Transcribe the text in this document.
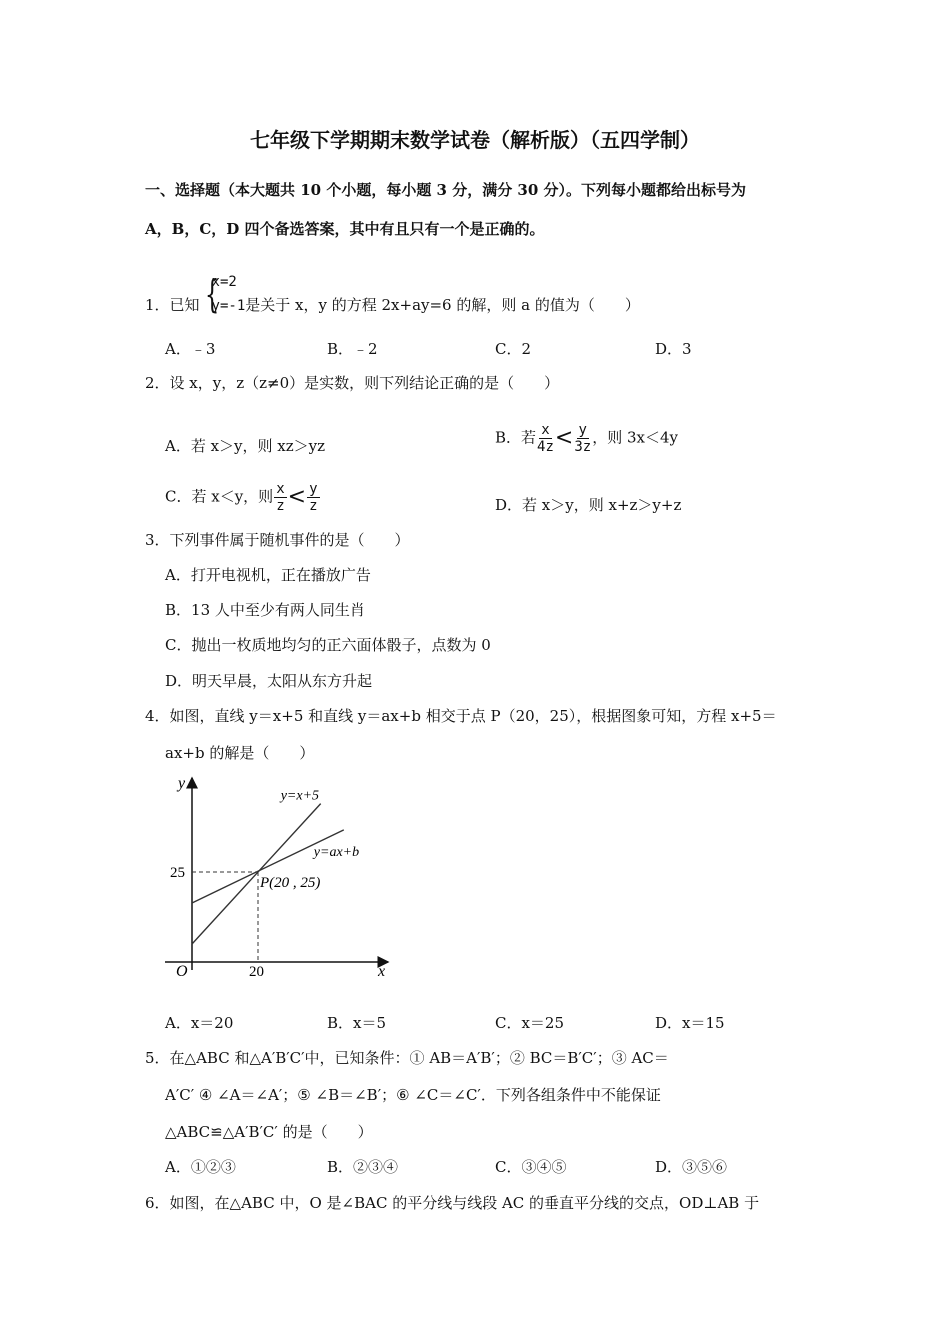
七年级下学期期末数学试卷（解析版）（五四学制）
一、选择题（本大题共 10 个小题，每小题 3 分，满分 30 分）。下列每小题都给出标号为
A，B，C，D 四个备选答案，其中有且只有一个是正确的。
1．已知
{ x=2
y=-1 是关于 x，y 的方程 2x+ay=6 的解，则 a 的值为（　　）
A．﹣3	B．﹣2	C．2	D．3
2．设 x，y，z（z≠0）是实数，则下列结论正确的是（　　）
A．若 x＞y，则 xz＞yz	B．若 $\frac{x}{4z} < \frac{y}{3z}$ ，则 3x＜4y
C．若 x＜y，则 $\frac{x}{z} < \frac{y}{z}$	D．若 x＞y，则 x+z＞y+z
3．下列事件属于随机事件的是（　　）
A．打开电视机，正在播放广告
B．13 人中至少有两人同生肖
C．抛出一枚质地均匀的正六面体骰子，点数为 0
D．明天早晨，太阳从东方升起
4．如图，直线 y＝x+5 和直线 y＝ax+b 相交于点 P（20，25），根据图象可知，方程 x+5＝
ax+b 的解是（　　）
y
x
O	20
25
P(20 , 25)
y=x+5
y=ax+b
A．x＝20	B．x＝5	C．x＝25	D．x＝15
5．在△ABC 和△A′B′C′中，已知条件：① AB＝A′B′；② BC＝B′C′；③ AC＝
A′C′ ④ ∠A＝∠A′；⑤ ∠B＝∠B′；⑥ ∠C＝∠C′．下列各组条件中不能保证
△ABC≌△A′B′C′ 的是（　　）
A．①②③	B．②③④	C．③④⑤	D．③⑤⑥
6．如图，在△ABC 中，O 是∠BAC 的平分线与线段 AC 的垂直平分线的交点，OD⊥AB 于
